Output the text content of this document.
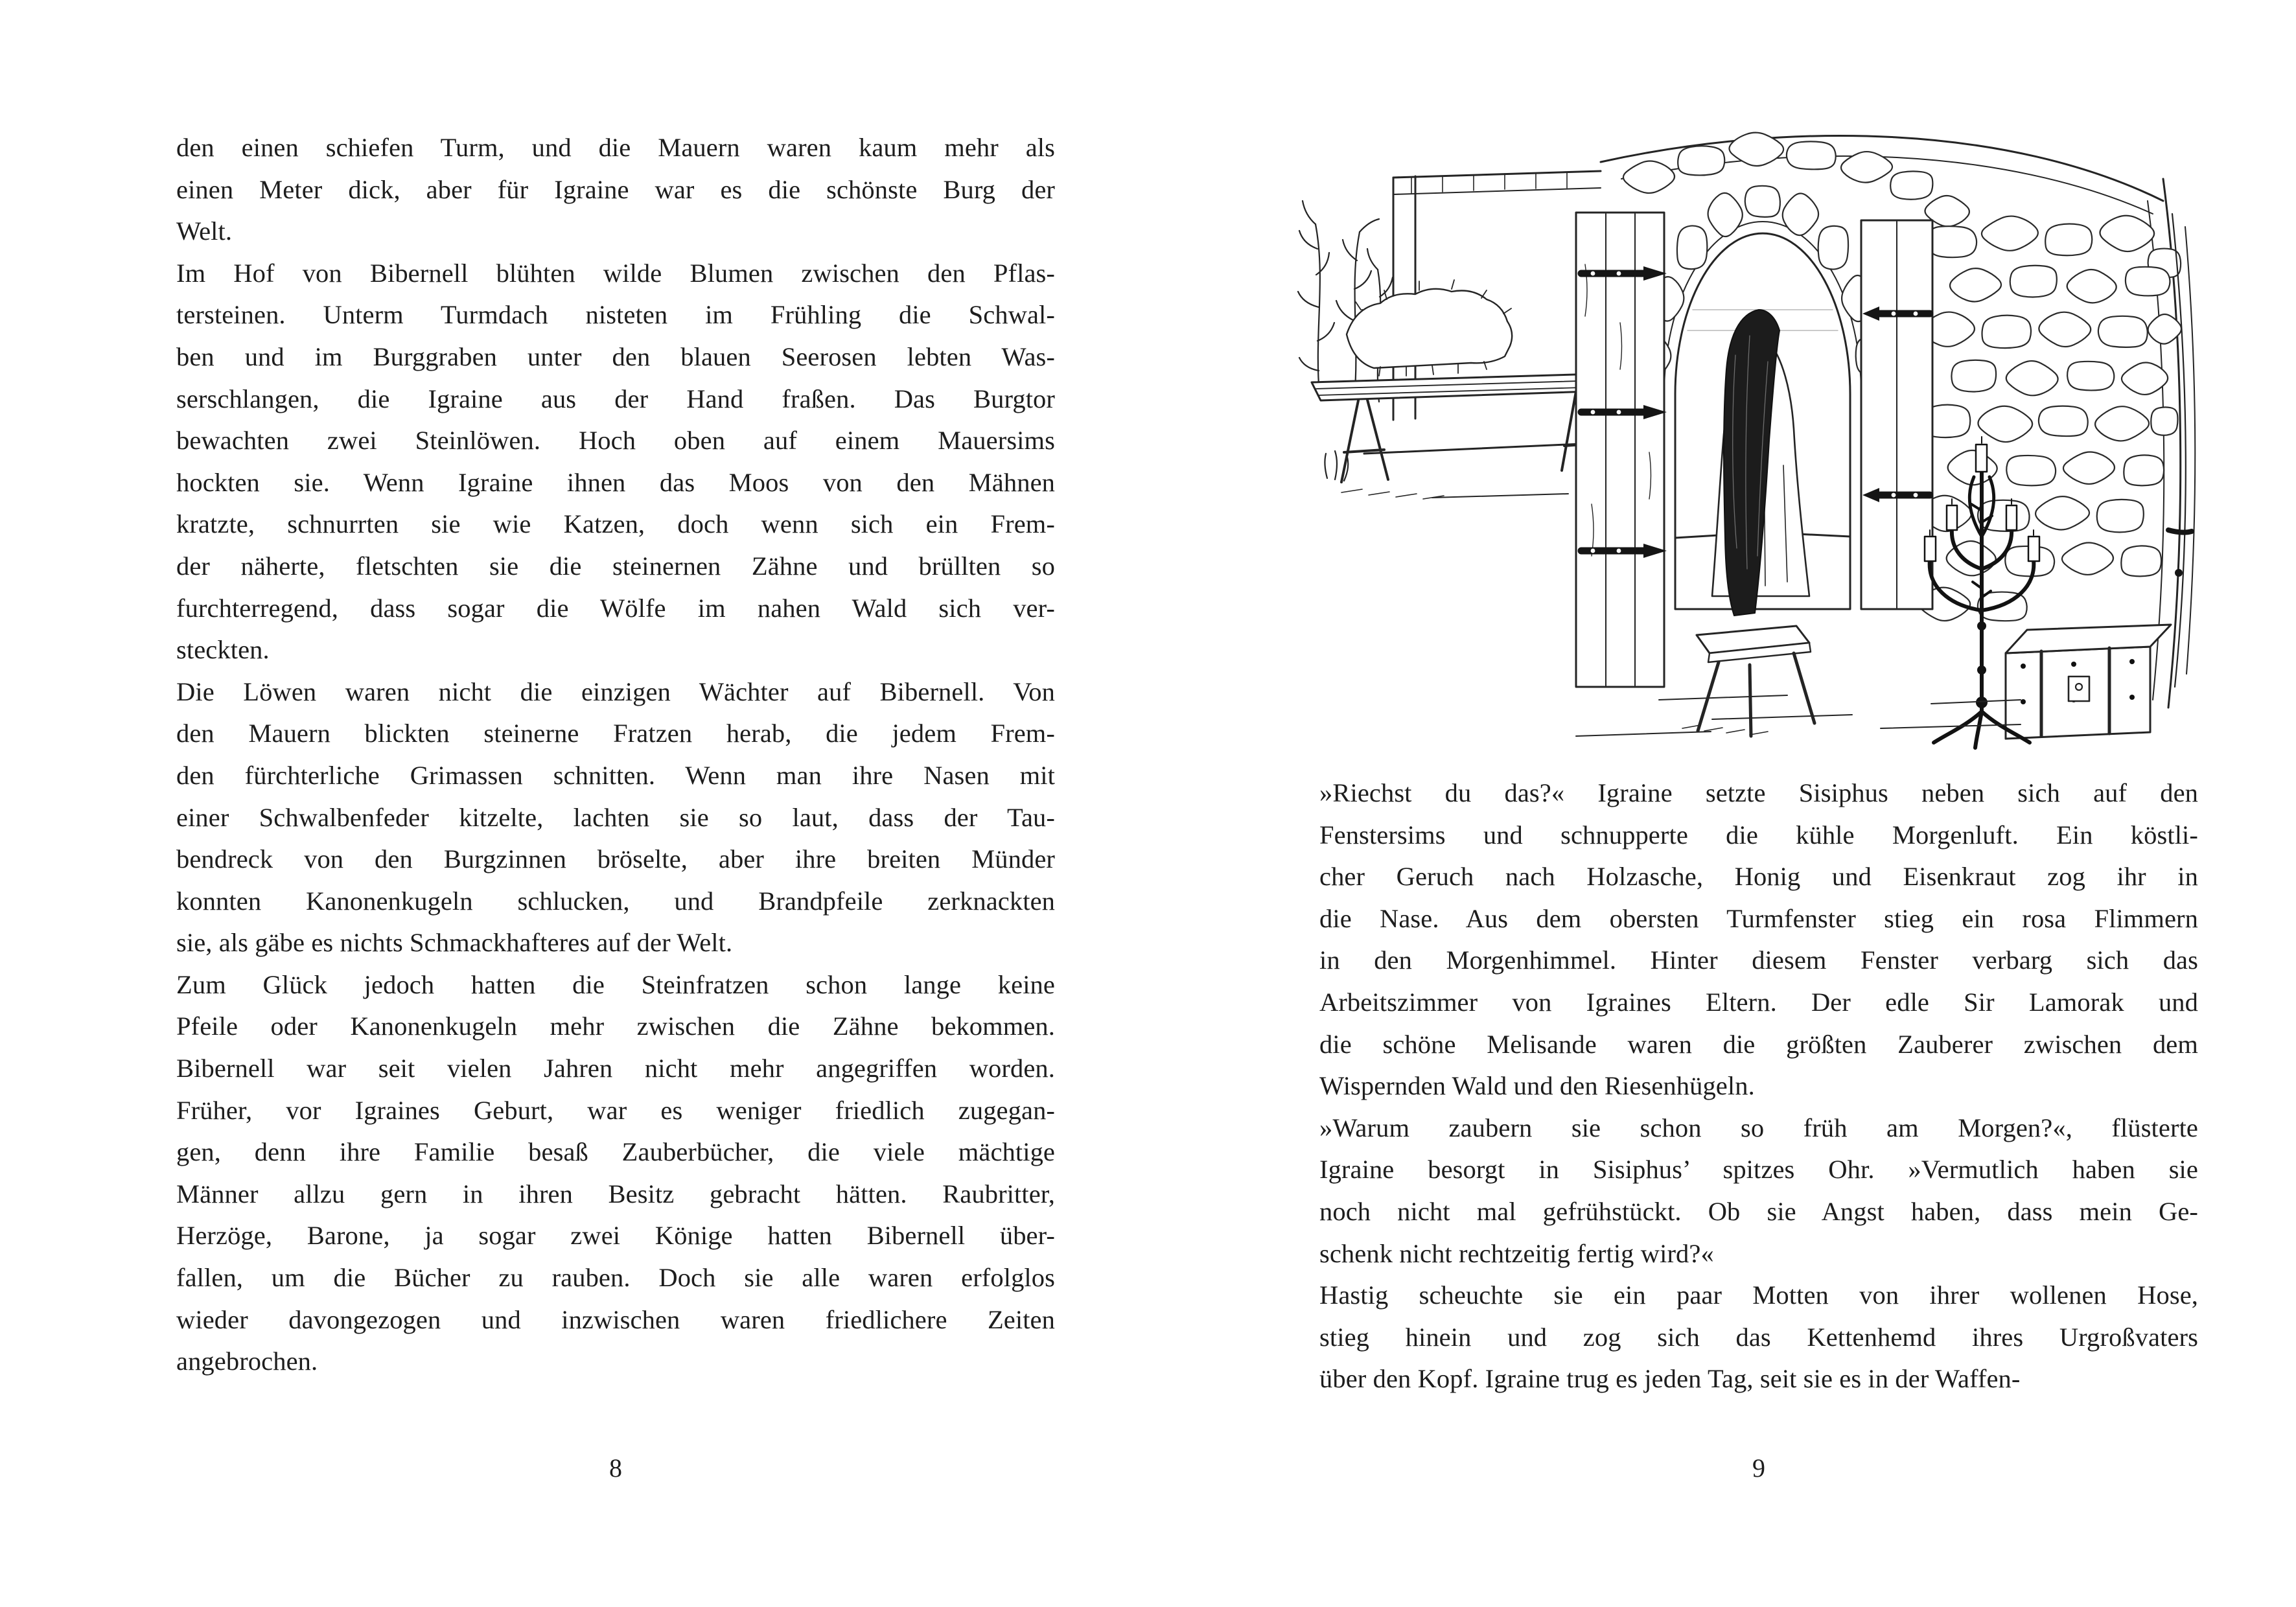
den einen schiefen Turm, und die Mauern waren kaum mehr als
einen Meter dick, aber für Igraine war es die schönste Burg der
Welt.
Im Hof von Bibernell blühten wilde Blumen zwischen den Pflas-
tersteinen. Unterm Turmdach nisteten im Frühling die Schwal-
ben und im Burggraben unter den blauen Seerosen lebten Was-
serschlangen, die Igraine aus der Hand fraßen. Das Burgtor
bewachten zwei Steinlöwen. Hoch oben auf einem Mauersims
hockten sie. Wenn Igraine ihnen das Moos von den Mähnen
kratzte, schnurrten sie wie Katzen, doch wenn sich ein Frem-
der näherte, fletschten sie die steinernen Zähne und brüllten so
furchterregend, dass sogar die Wölfe im nahen Wald sich ver-
steckten.
Die Löwen waren nicht die einzigen Wächter auf Bibernell. Von
den Mauern blickten steinerne Fratzen herab, die jedem Frem-
den fürchterliche Grimassen schnitten. Wenn man ihre Nasen mit
einer Schwalbenfeder kitzelte, lachten sie so laut, dass der Tau-
bendreck von den Burgzinnen bröselte, aber ihre breiten Münder
konnten Kanonenkugeln schlucken, und Brandpfeile zerknackten
sie, als gäbe es nichts Schmackhafteres auf der Welt.
Zum Glück jedoch hatten die Steinfratzen schon lange keine
Pfeile oder Kanonenkugeln mehr zwischen die Zähne bekommen.
Bibernell war seit vielen Jahren nicht mehr angegriffen worden.
Früher, vor Igraines Geburt, war es weniger friedlich zugegan-
gen, denn ihre Familie besaß Zauberbücher, die viele mächtige
Männer allzu gern in ihren Besitz gebracht hätten. Raubritter,
Herzöge, Barone, ja sogar zwei Könige hatten Bibernell über-
fallen, um die Bücher zu rauben. Doch sie alle waren erfolglos
wieder davongezogen und inzwischen waren friedlichere Zeiten
angebrochen.
8
»Riechst du das?« Igraine setzte Sisiphus neben sich auf den
Fenstersims und schnupperte die kühle Morgenluft. Ein köstli-
cher Geruch nach Holzasche, Honig und Eisenkraut zog ihr in
die Nase. Aus dem obersten Turmfenster stieg ein rosa Flimmern
in den Morgenhimmel. Hinter diesem Fenster verbarg sich das
Arbeitszimmer von Igraines Eltern. Der edle Sir Lamorak und
die schöne Melisande waren die größten Zauberer zwischen dem
Wispernden Wald und den Riesenhügeln.
»Warum zaubern sie schon so früh am Morgen?«, flüsterte
Igraine besorgt in Sisiphus’ spitzes Ohr. »Vermutlich haben sie
noch nicht mal gefrühstückt. Ob sie Angst haben, dass mein Ge-
schenk nicht rechtzeitig fertig wird?«
Hastig scheuchte sie ein paar Motten von ihrer wollenen Hose,
stieg hinein und zog sich das Kettenhemd ihres Urgroßvaters
über den Kopf. Igraine trug es jeden Tag, seit sie es in der Waffen-
9
